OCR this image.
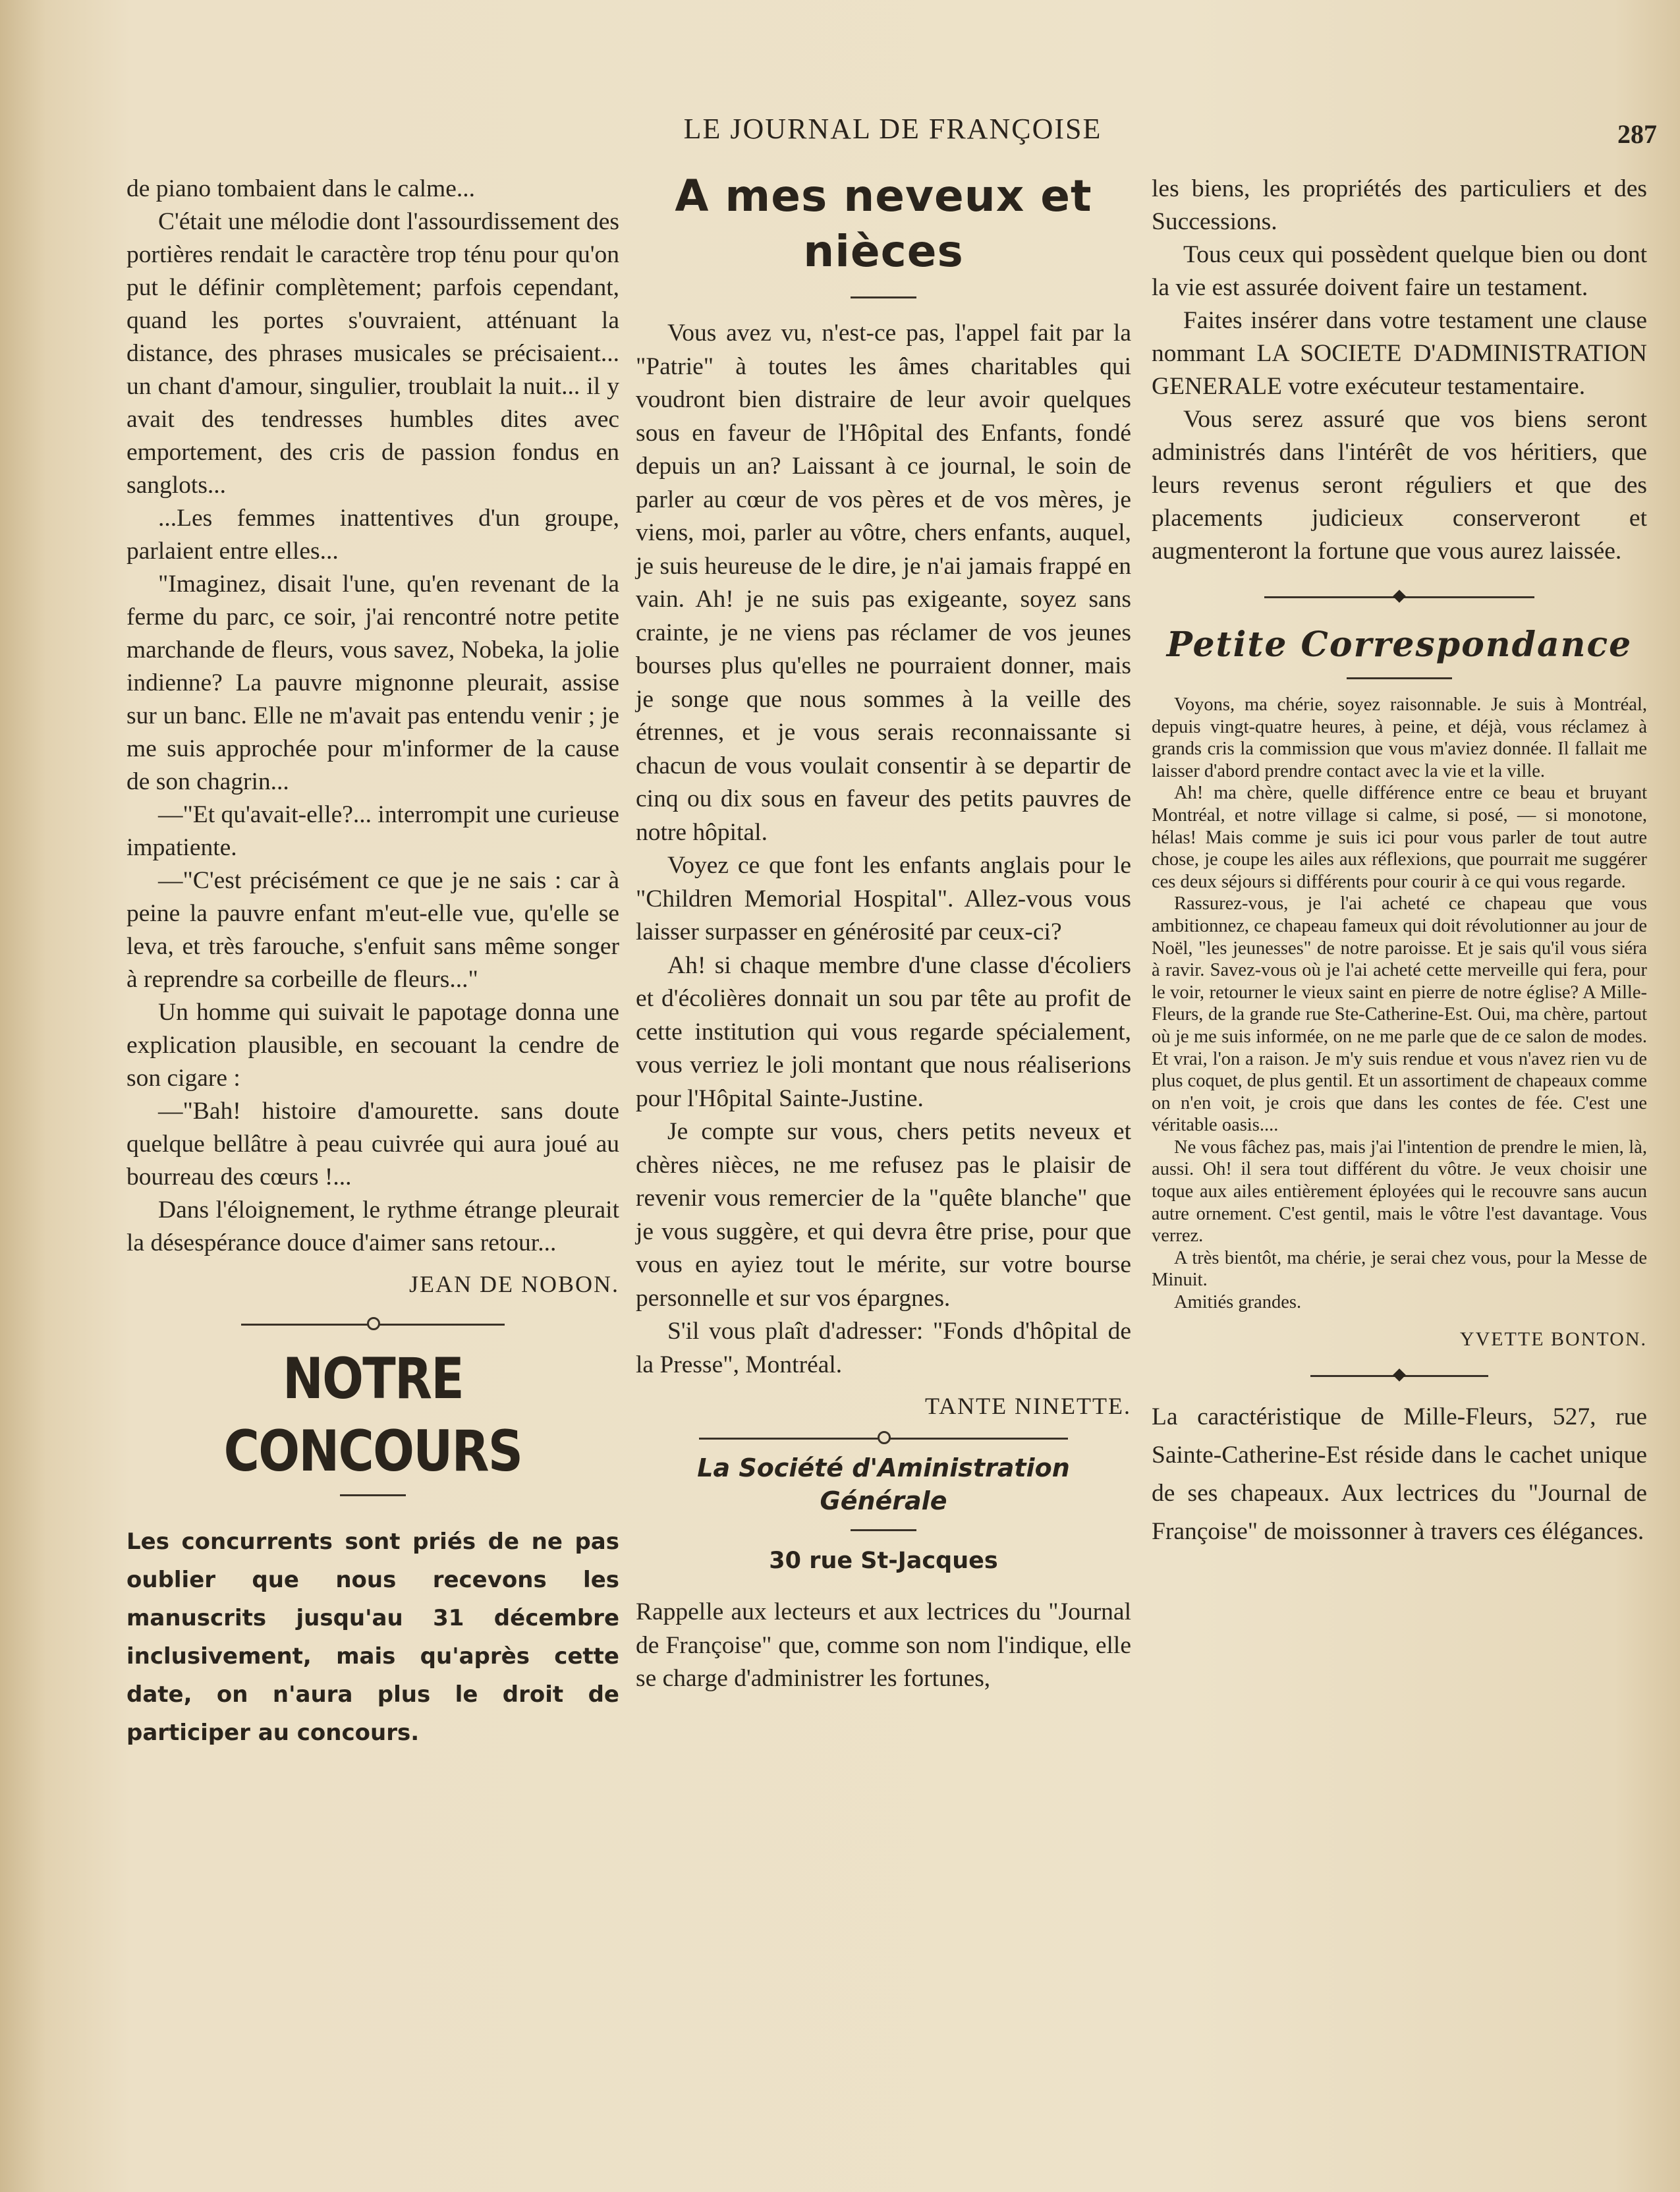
LE JOURNAL DE FRANÇOISE	287

de piano tombaient dans le calme...

C'était une mélodie dont l'assourdissement des portières rendait le caractère trop ténu pour qu'on put le définir complètement; parfois cependant, quand les portes s'ouvraient, atténuant la distance, des phrases musicales se précisaient... un chant d'amour, singulier, troublait la nuit... il y avait des tendresses humbles dites avec emportement, des cris de passion fondus en sanglots...

...Les femmes inattentives d'un groupe, parlaient entre elles...

"Imaginez, disait l'une, qu'en revenant de la ferme du parc, ce soir, j'ai rencontré notre petite marchande de fleurs, vous savez, Nobeka, la jolie indienne? La pauvre mignonne pleurait, assise sur un banc. Elle ne m'avait pas entendu venir ; je me suis approchée pour m'informer de la cause de son chagrin...

—"Et qu'avait-elle?... interrompit une curieuse impatiente.

—"C'est précisément ce que je ne sais : car à peine la pauvre enfant m'eut-elle vue, qu'elle se leva, et très farouche, s'enfuit sans même songer à reprendre sa corbeille de fleurs..."

Un homme qui suivait le papotage donna une explication plausible, en secouant la cendre de son cigare :

—"Bah! histoire d'amourette. sans doute quelque bellâtre à peau cuivrée qui aura joué au bourreau des cœurs !...

Dans l'éloignement, le rythme étrange pleurait la désespérance douce d'aimer sans retour...

JEAN DE NOBON.
NOTRE CONCOURS
Les concurrents sont priés de ne pas oublier que nous recevons les manuscrits jusqu'au 31 décembre inclusivement, mais qu'après cette date, on n'aura plus le droit de participer au concours.
A mes neveux et nièces

Vous avez vu, n'est-ce pas, l'appel fait par la "Patrie" à toutes les âmes charitables qui voudront bien distraire de leur avoir quelques sous en faveur de l'Hôpital des Enfants, fondé depuis un an? Laissant à ce journal, le soin de parler au cœur de vos pères et de vos mères, je viens, moi, parler au vôtre, chers enfants, auquel, je suis heureuse de le dire, je n'ai jamais frappé en vain. Ah! je ne suis pas exigeante, soyez sans crainte, je ne viens pas réclamer de vos jeunes bourses plus qu'elles ne pourraient donner, mais je songe que nous sommes à la veille des étrennes, et je vous serais reconnaissante si chacun de vous voulait consentir à se departir de cinq ou dix sous en faveur des petits pauvres de notre hôpital.

Voyez ce que font les enfants anglais pour le "Children Memorial Hospital". Allez-vous vous laisser surpasser en générosité par ceux-ci?

Ah! si chaque membre d'une classe d'écoliers et d'écolières donnait un sou par tête au profit de cette institution qui vous regarde spécialement, vous verriez le joli montant que nous réaliserions pour l'Hôpital Sainte-Justine.

Je compte sur vous, chers petits neveux et chères nièces, ne me refusez pas le plaisir de revenir vous remercier de la "quête blanche" que je vous suggère, et qui devra être prise, pour que vous en ayiez tout le mérite, sur votre bourse personnelle et sur vos épargnes.

S'il vous plaît d'adresser: "Fonds d'hôpital de la Presse", Montréal.

TANTE NINETTE.
La Société d'Aministration Générale
30 rue St-Jacques

Rappelle aux lecteurs et aux lectrices du "Journal de Françoise" que, comme son nom l'indique, elle se charge d'administrer les fortunes,

les biens, les propriétés des particuliers et des Successions.

Tous ceux qui possèdent quelque bien ou dont la vie est assurée doivent faire un testament.

Faites insérer dans votre testament une clause nommant LA SOCIETE D'ADMINISTRATION GENERALE votre exécuteur testamentaire.

Vous serez assuré que vos biens seront administrés dans l'intérêt de vos héritiers, que leurs revenus seront réguliers et que des placements judicieux conserveront et augmenteront la fortune que vous aurez laissée.

Petite Correspondance

Voyons, ma chérie, soyez raisonnable. Je suis à Montréal, depuis vingt-quatre heures, à peine, et déjà, vous réclamez à grands cris la commission que vous m'aviez donnée. Il fallait me laisser d'abord prendre contact avec la vie et la ville.

Ah! ma chère, quelle différence entre ce beau et bruyant Montréal, et notre village si calme, si posé, — si monotone, hélas! Mais comme je suis ici pour vous parler de tout autre chose, je coupe les ailes aux réflexions, que pourrait me suggérer ces deux séjours si différents pour courir à ce qui vous regarde.

Rassurez-vous, je l'ai acheté ce chapeau que vous ambitionnez, ce chapeau fameux qui doit révolutionner au jour de Noël, "les jeunesses" de notre paroisse. Et je sais qu'il vous siéra à ravir. Savez-vous où je l'ai acheté cette merveille qui fera, pour le voir, retourner le vieux saint en pierre de notre église? A Mille-Fleurs, de la grande rue Ste-Catherine-Est. Oui, ma chère, partout où je me suis informée, on ne me parle que de ce salon de modes. Et vrai, l'on a raison. Je m'y suis rendue et vous n'avez rien vu de plus coquet, de plus gentil. Et un assortiment de chapeaux comme on n'en voit, je crois que dans les contes de fée. C'est une véritable oasis....

Ne vous fâchez pas, mais j'ai l'intention de prendre le mien, là, aussi. Oh! il sera tout différent du vôtre. Je veux choisir une toque aux ailes entièrement éployées qui le recouvre sans aucun autre ornement. C'est gentil, mais le vôtre l'est davantage. Vous verrez.

A très bientôt, ma chérie, je serai chez vous, pour la Messe de Minuit.

Amitiés grandes.

YVETTE BONTON.

La caractéristique de Mille-Fleurs, 527, rue Sainte-Catherine-Est réside dans le cachet unique de ses chapeaux. Aux lectrices du "Journal de Françoise" de moissonner à travers ces élégances.
